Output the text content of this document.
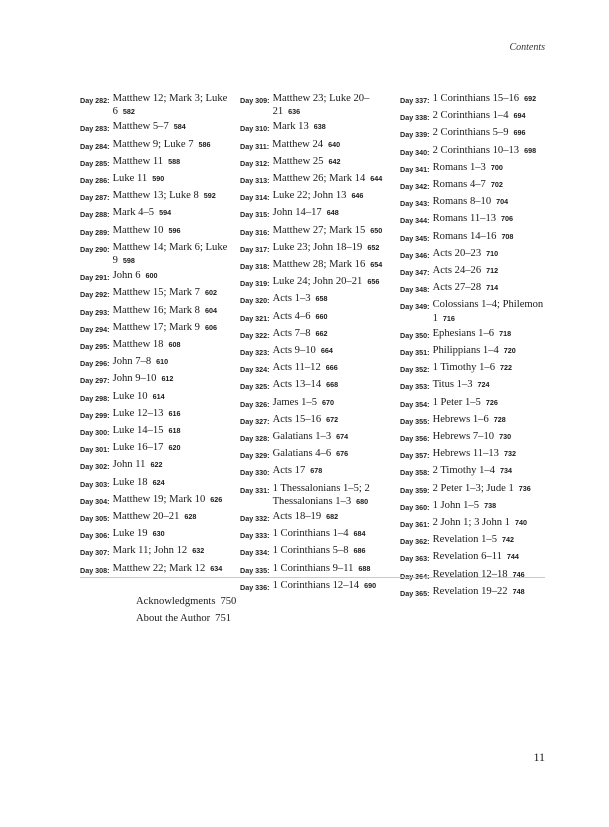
Contents
Day 282: Matthew 12; Mark 3; Luke 6 582
Day 283: Matthew 5–7 584
Day 284: Matthew 9; Luke 7 586
Day 285: Matthew 11 588
Day 286: Luke 11 590
Day 287: Matthew 13; Luke 8 592
Day 288: Mark 4–5 594
Day 289: Matthew 10 596
Day 290: Matthew 14; Mark 6; Luke 9 598
Day 291: John 6 600
Day 292: Matthew 15; Mark 7 602
Day 293: Matthew 16; Mark 8 604
Day 294: Matthew 17; Mark 9 606
Day 295: Matthew 18 608
Day 296: John 7–8 610
Day 297: John 9–10 612
Day 298: Luke 10 614
Day 299: Luke 12–13 616
Day 300: Luke 14–15 618
Day 301: Luke 16–17 620
Day 302: John 11 622
Day 303: Luke 18 624
Day 304: Matthew 19; Mark 10 626
Day 305: Matthew 20–21 628
Day 306: Luke 19 630
Day 307: Mark 11; John 12 632
Day 308: Matthew 22; Mark 12 634
Day 309: Matthew 23; Luke 20–21 636
Day 310: Mark 13 638
Day 311: Matthew 24 640
Day 312: Matthew 25 642
Day 313: Matthew 26; Mark 14 644
Day 314: Luke 22; John 13 646
Day 315: John 14–17 648
Day 316: Matthew 27; Mark 15 650
Day 317: Luke 23; John 18–19 652
Day 318: Matthew 28; Mark 16 654
Day 319: Luke 24; John 20–21 656
Day 320: Acts 1–3 658
Day 321: Acts 4–6 660
Day 322: Acts 7–8 662
Day 323: Acts 9–10 664
Day 324: Acts 11–12 666
Day 325: Acts 13–14 668
Day 326: James 1–5 670
Day 327: Acts 15–16 672
Day 328: Galatians 1–3 674
Day 329: Galatians 4–6 676
Day 330: Acts 17 678
Day 331: 1 Thessalonians 1–5; 2 Thessalonians 1–3 680
Day 332: Acts 18–19 682
Day 333: 1 Corinthians 1–4 684
Day 334: 1 Corinthians 5–8 686
Day 335: 1 Corinthians 9–11 688
Day 336: 1 Corinthians 12–14 690
Day 337: 1 Corinthians 15–16 692
Day 338: 2 Corinthians 1–4 694
Day 339: 2 Corinthians 5–9 696
Day 340: 2 Corinthians 10–13 698
Day 341: Romans 1–3 700
Day 342: Romans 4–7 702
Day 343: Romans 8–10 704
Day 344: Romans 11–13 706
Day 345: Romans 14–16 708
Day 346: Acts 20–23 710
Day 347: Acts 24–26 712
Day 348: Acts 27–28 714
Day 349: Colossians 1–4; Philemon 1 716
Day 350: Ephesians 1–6 718
Day 351: Philippians 1–4 720
Day 352: 1 Timothy 1–6 722
Day 353: Titus 1–3 724
Day 354: 1 Peter 1–5 726
Day 355: Hebrews 1–6 728
Day 356: Hebrews 7–10 730
Day 357: Hebrews 11–13 732
Day 358: 2 Timothy 1–4 734
Day 359: 2 Peter 1–3; Jude 1 736
Day 360: 1 John 1–5 738
Day 361: 2 John 1; 3 John 1 740
Day 362: Revelation 1–5 742
Day 363: Revelation 6–11 744
Day 364: Revelation 12–18 746
Day 365: Revelation 19–22 748
Acknowledgments 750
About the Author 751
11
